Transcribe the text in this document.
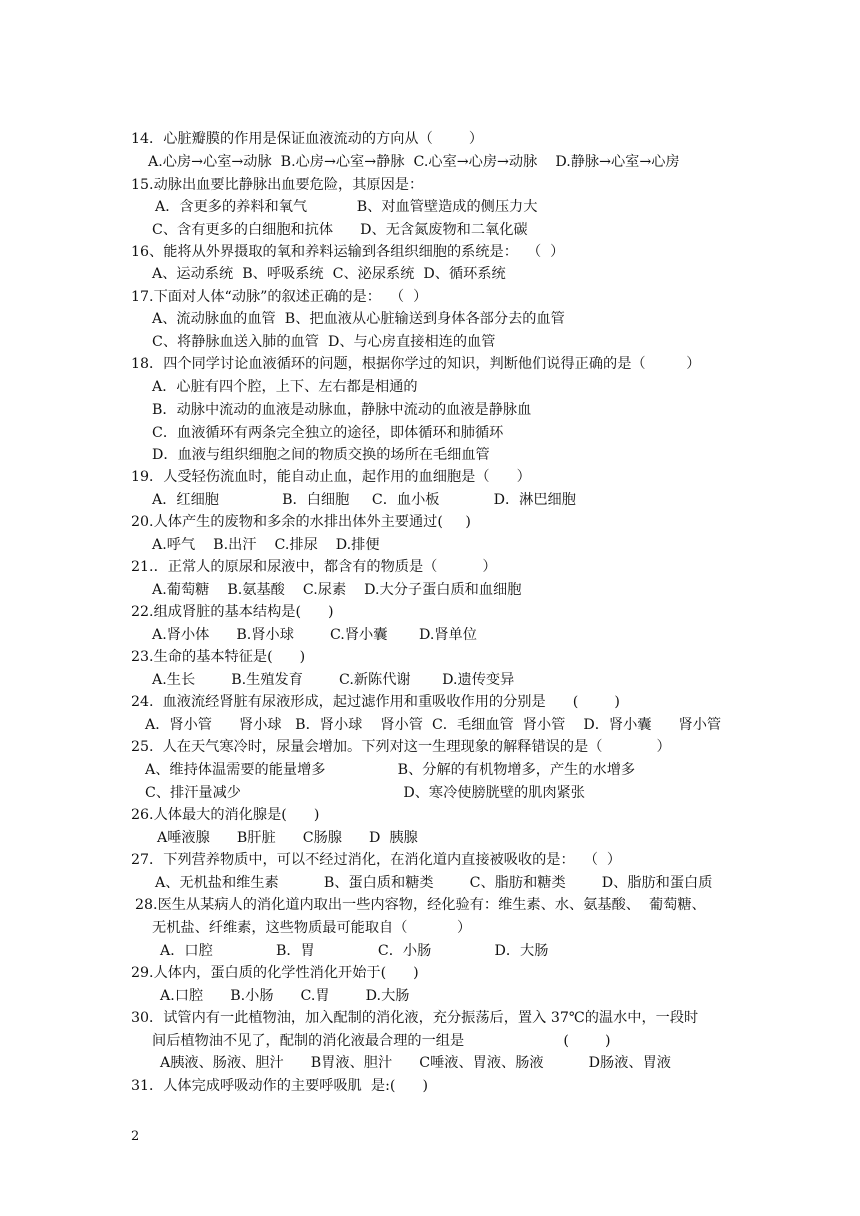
14．心脏瓣膜的作用是保证血液流动的方向从（        ）
A.心房→心室→动脉  B.心房→心室→静脉  C.心室→心房→动脉    D.静脉→心室→心房
15.动脉出血要比静脉出血要危险，其原因是：
A．含更多的养料和氧气           B、对血管壁造成的侧压力大
C、含有更多的白细胞和抗体      D、无含氮废物和二氧化碳
16、能将从外界摄取的氧和养料运输到各组织细胞的系统是：  （  ）
A、运动系统  B、呼吸系统  C、泌尿系统  D、循环系统
17.下面对人体“动脉”的叙述正确的是：  （  ）
A、流动脉血的血管  B、把血液从心脏输送到身体各部分去的血管
C、将静脉血送入肺的血管  D、与心房直接相连的血管
18．四个同学讨论血液循环的问题，根据你学过的知识，判断他们说得正确的是（         ）
A．心脏有四个腔，上下、左右都是相通的
B．动脉中流动的血液是动脉血，静脉中流动的血液是静脉血
C．血液循环有两条完全独立的途径，即体循环和肺循环
D．血液与组织细胞之间的物质交换的场所在毛细血管
19．人受轻伤流血时，能自动止血，起作用的血细胞是（      ）
A．红细胞              B．白细胞     C．血小板            D．淋巴细胞
20.人体产生的废物和多余的水排出体外主要通过(     )
A.呼气    B.出汗    C.排尿    D.排便
21.．正常人的原尿和尿液中，都含有的物质是（          ）
A.葡萄糖    B.氨基酸    C.尿素    D.大分子蛋白质和血细胞
22.组成肾脏的基本结构是(      )
A.肾小体      B.肾小球        C.肾小囊       D.肾单位
23.生命的基本特征是(      )
A.生长        B.生殖发育        C.新陈代谢       D.遗传变异
24.  血液流经肾脏有尿液形成，起过滤作用和重吸收作用的分别是      (        )
A．肾小管      肾小球   B．肾小球    肾小管  C．毛细血管  肾小管    D．肾小囊      肾小管
25.  人在天气寒冷时，尿量会增加。下列对这一生理现象的解释错误的是（            ）
A、维持体温需要的能量增多                B、分解的有机物增多，产生的水增多
C、排汗量减少                                    D、寒冷使膀胱壁的肌肉紧张
26.人体最大的消化腺是(      )
A唾液腺      B肝脏      C肠腺      D  胰腺
27．下列营养物质中，可以不经过消化，在消化道内直接被吸收的是：  （  ）
A、无机盐和维生素          B、蛋白质和糖类        C、脂肪和糖类        D、脂肪和蛋白质
28.医生从某病人的消化道内取出一些内容物，经化验有：维生素、水、氨基酸、  葡萄糖、
无机盐、纤维素，这些物质最可能取自（           ）
A．口腔              B．胃              C．小肠              D．大肠
29.人体内，蛋白质的化学性消化开始于(      )
A.口腔      B.小肠      C.胃        D.大肠
30．试管内有一此植物油，加入配制的消化液，充分振荡后，置入 37℃的温水中，一段时
间后植物油不见了，配制的消化液最合理的一组是                      (        )
A胰液、肠液、胆汁      B胃液、胆汁      C唾液、胃液、肠液          D肠液、胃液
31．人体完成呼吸动作的主要呼吸肌  是:(      )
2
